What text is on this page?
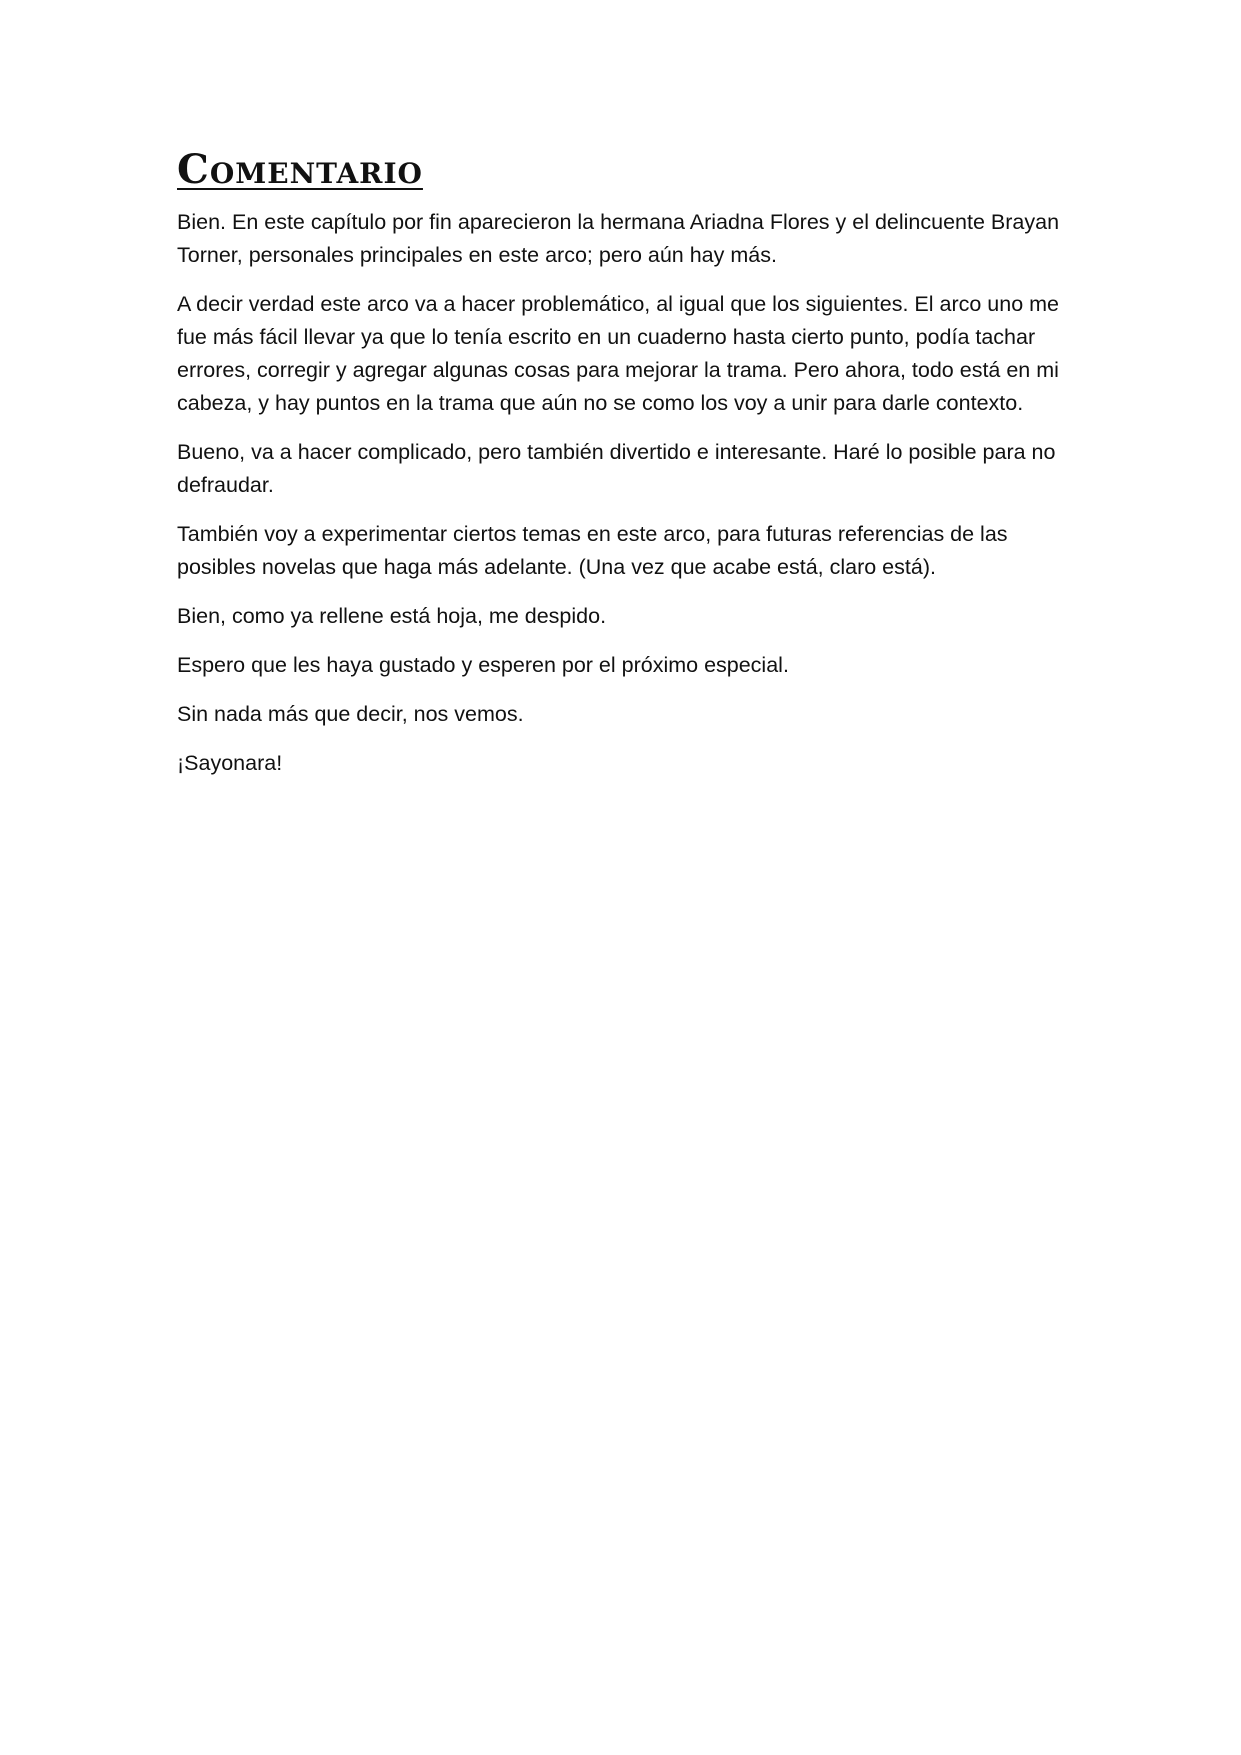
Comentario

Bien. En este capítulo por fin aparecieron la hermana Ariadna Flores y el delincuente Brayan Torner, personales principales en este arco; pero aún hay más.

A decir verdad este arco va a hacer problemático, al igual que los siguientes. El arco uno me fue más fácil llevar ya que lo tenía escrito en un cuaderno hasta cierto punto, podía tachar errores, corregir y agregar algunas cosas para mejorar la trama. Pero ahora, todo está en mi cabeza, y hay puntos en la trama que aún no se como los voy a unir para darle contexto.

Bueno, va a hacer complicado, pero también divertido e interesante. Haré lo posible para no defraudar.

También voy a experimentar ciertos temas en este arco, para futuras referencias de las posibles novelas que haga más adelante. (Una vez que acabe está, claro está).

Bien, como ya rellene está hoja, me despido.

Espero que les haya gustado y esperen por el próximo especial.

Sin nada más que decir, nos vemos.

¡Sayonara!
